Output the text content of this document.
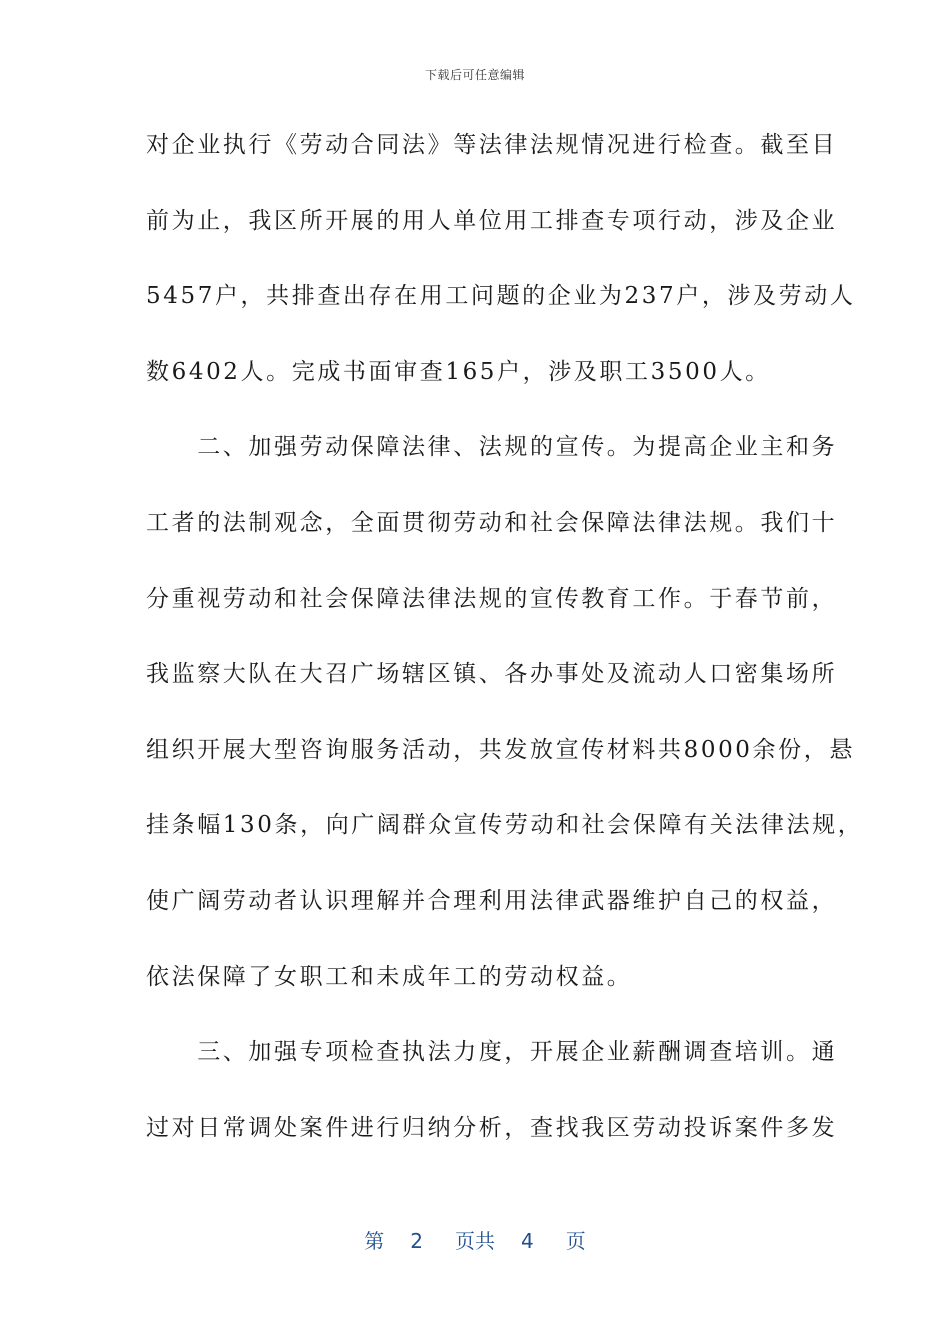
下载后可任意编辑
对企业执行《劳动合同法》等法律法规情况进行检查。截至目
前为止，我区所开展的用人单位用工排查专项行动，涉及企业
5457户，共排查出存在用工问题的企业为237户，涉及劳动人
数6402人。完成书面审查165户，涉及职工3500人。
　　二、加强劳动保障法律、法规的宣传。为提高企业主和务
工者的法制观念，全面贯彻劳动和社会保障法律法规。我们十
分重视劳动和社会保障法律法规的宣传教育工作。于春节前，
我监察大队在大召广场辖区镇、各办事处及流动人口密集场所
组织开展大型咨询服务活动，共发放宣传材料共8000余份，悬
挂条幅130条，向广阔群众宣传劳动和社会保障有关法律法规，
使广阔劳动者认识理解并合理利用法律武器维护自己的权益，
依法保障了女职工和未成年工的劳动权益。
　　三、加强专项检查执法力度，开展企业薪酬调查培训。通
过对日常调处案件进行归纳分析，查找我区劳动投诉案件多发
第 2 页共 4 页
